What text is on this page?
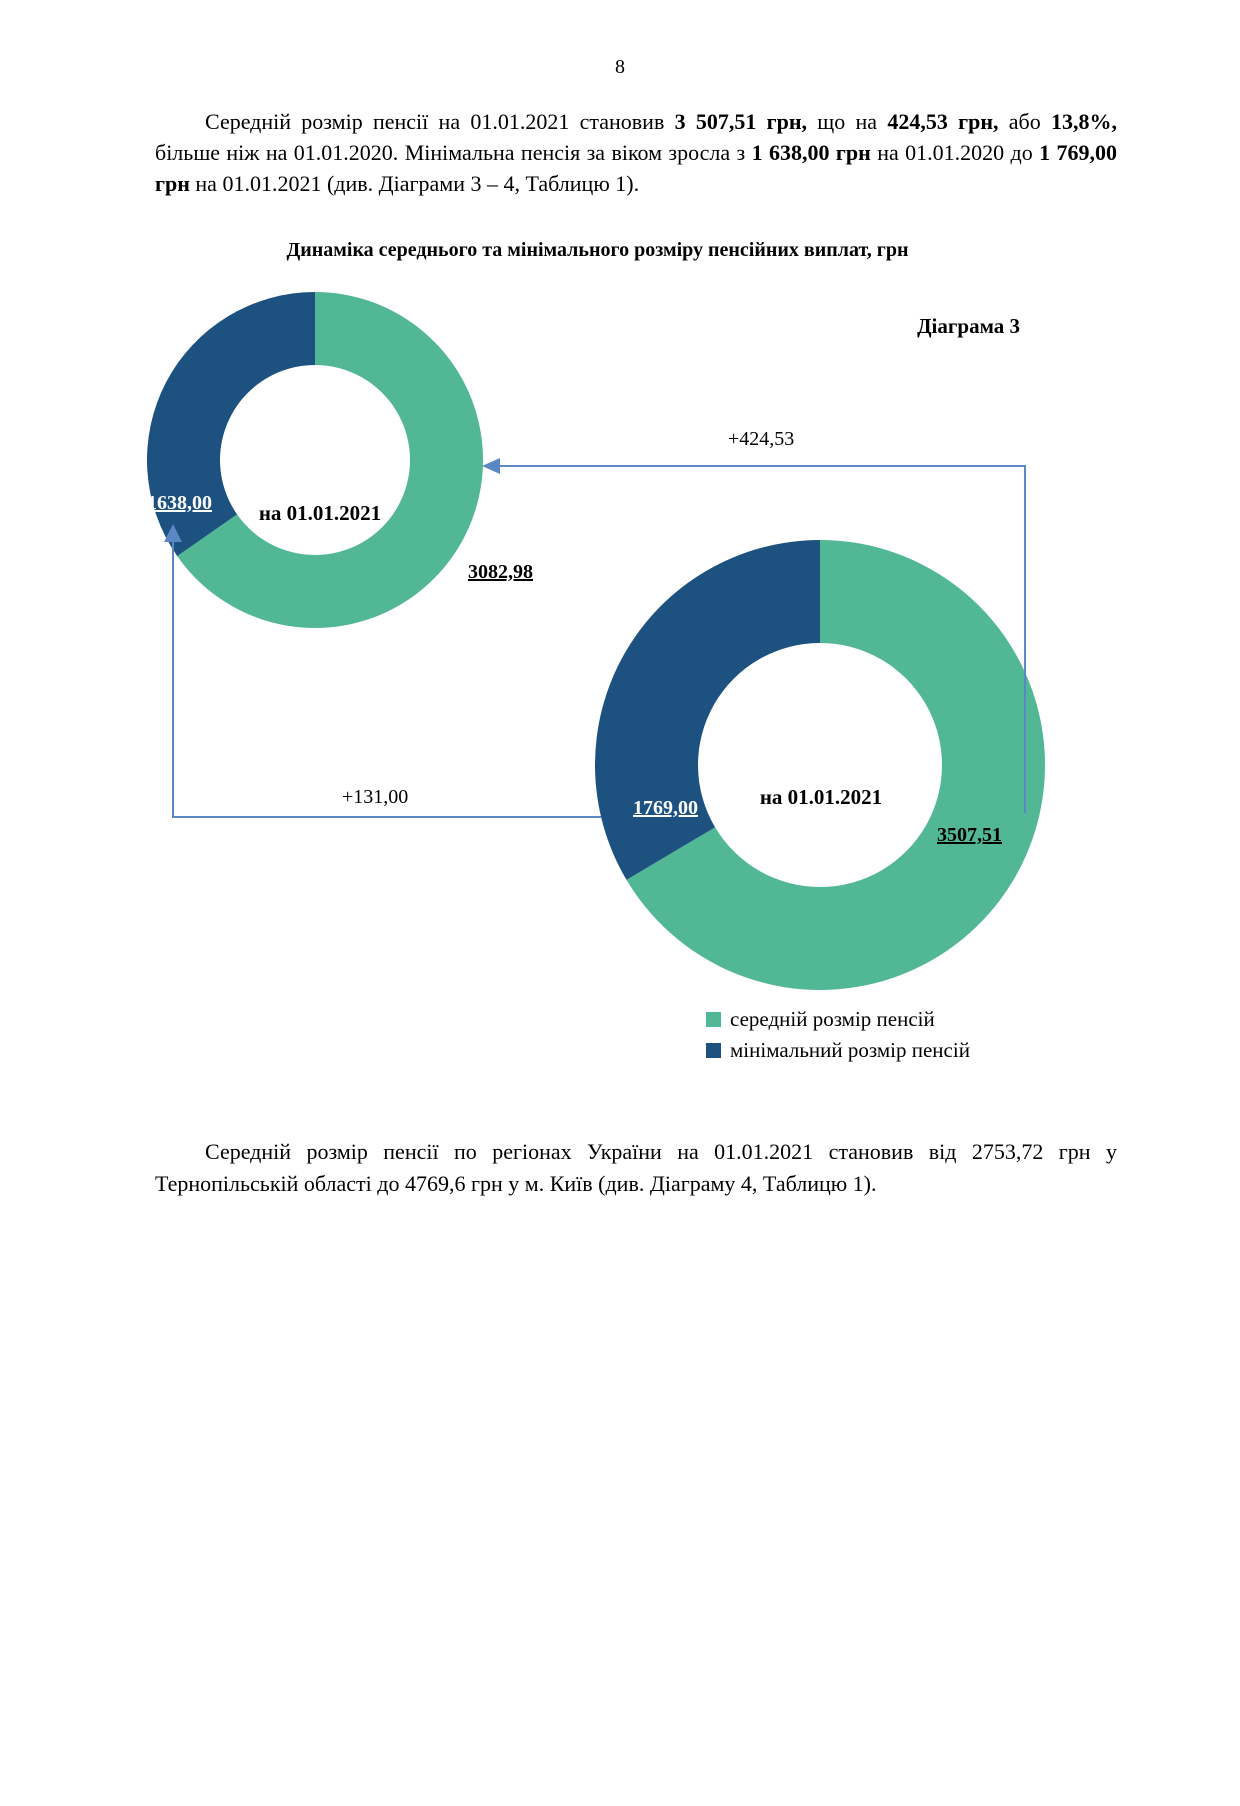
8

Середній розмір пенсії на 01.01.2021 становив 3 507,51 грн, що на 424,53 грн, або 13,8%, більше ніж на 01.01.2020. Мінімальна пенсія за віком зросла з 1 638,00 грн на 01.01.2020 до 1 769,00 грн на 01.01.2021 (див. Діаграми 3 – 4, Таблицю 1).

Динаміка середнього та мінімального розміру пенсійних виплат, грн
Діаграма 3
1638,00	на 01.01.2021
3082,98
+424,53
+131,00	1769,00	на 01.01.2021
3507,51
середній розмір пенсій
мінімальний розмір пенсій

Середній розмір пенсії по регіонах України на 01.01.2021 становив від 2753,72 грн у Тернопільській області до 4769,6 грн у м. Київ (див. Діаграму 4, Таблицю 1).
